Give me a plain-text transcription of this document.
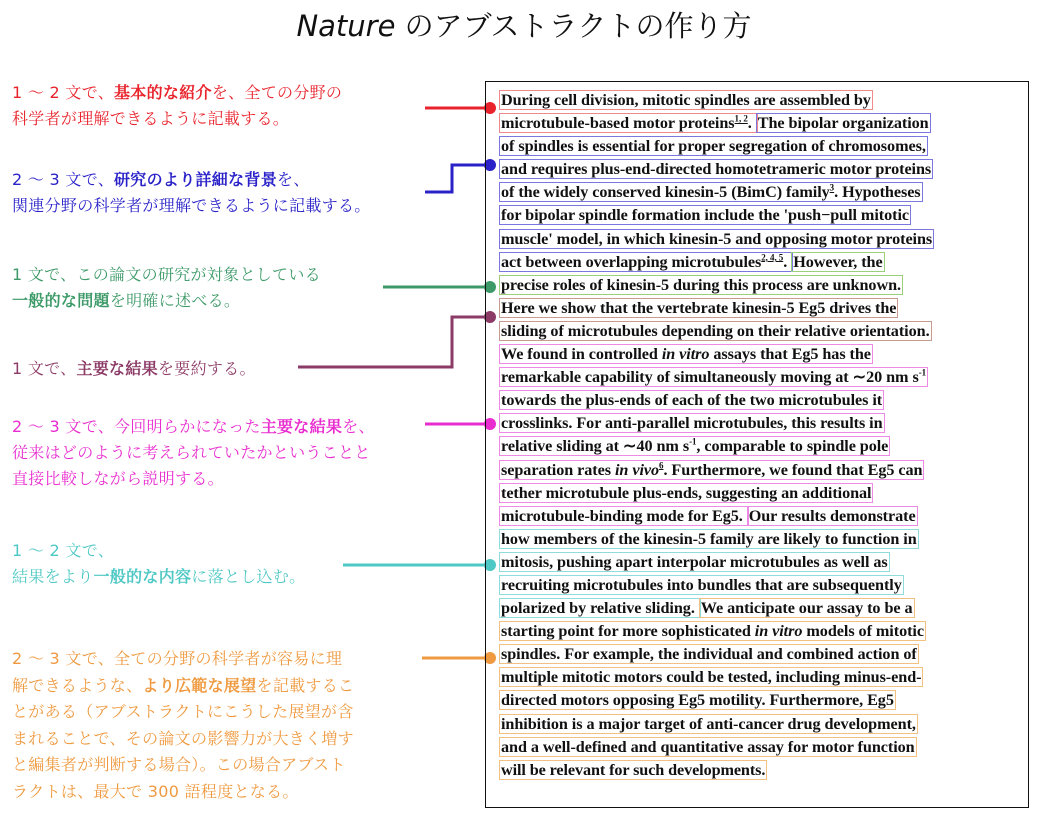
Nature のアブストラクトの作り方
1 ～ 2 文で、基本的な紹介を、全ての分野の
科学者が理解できるように記載する。
2 ～ 3 文で、研究のより詳細な背景を、
関連分野の科学者が理解できるように記載する。
1 文で、この論文の研究が対象としている
一般的な問題を明確に述べる。
1 文で、主要な結果を要約する。
2 ～ 3 文で、今回明らかになった主要な結果を、
従来はどのように考えられていたかということと
直接比較しながら説明する。
1 ～ 2 文で、
結果をより一般的な内容に落とし込む。
2 ～ 3 文で、全ての分野の科学者が容易に理
解できるような、より広範な展望を記載するこ
とがある（アブストラクトにこうした展望が含
まれることで、その論文の影響力が大きく増す
と編集者が判断する場合）。この場合アブスト
ラクトは、最大で 300 語程度となる。
During cell division, mitotic spindles are assembled by
microtubule-based motor proteins$^{1, 2}$. The bipolar organization
of spindles is essential for proper segregation of chromosomes,
and requires plus-end-directed homotetrameric motor proteins
of the widely conserved kinesin-5 (BimC) family$^3$. Hypotheses
for bipolar spindle formation include the 'push−pull mitotic
muscle' model, in which kinesin-5 and opposing motor proteins
act between overlapping microtubules$^{2, 4, 5}$. However, the
precise roles of kinesin-5 during this process are unknown.
Here we show that the vertebrate kinesin-5 Eg5 drives the
sliding of microtubules depending on their relative orientation.
We found in controlled in vitro assays that Eg5 has the
remarkable capability of simultaneously moving at ∼20 nm $s^{-1}$
towards the plus-ends of each of the two microtubules it
crosslinks. For anti-parallel microtubules, this results in
relative sliding at ∼40 nm $s^{-1}$, comparable to spindle pole
separation rates in vivo$^6$. Furthermore, we found that Eg5 can
tether microtubule plus-ends, suggesting an additional
microtubule-binding mode for Eg5. Our results demonstrate
how members of the kinesin-5 family are likely to function in
mitosis, pushing apart interpolar microtubules as well as
recruiting microtubules into bundles that are subsequently
polarized by relative sliding. We anticipate our assay to be a
starting point for more sophisticated in vitro models of mitotic
spindles. For example, the individual and combined action of
multiple mitotic motors could be tested, including minus-end-
directed motors opposing Eg5 motility. Furthermore, Eg5
inhibition is a major target of anti-cancer drug development,
and a well-defined and quantitative assay for motor function
will be relevant for such developments.
